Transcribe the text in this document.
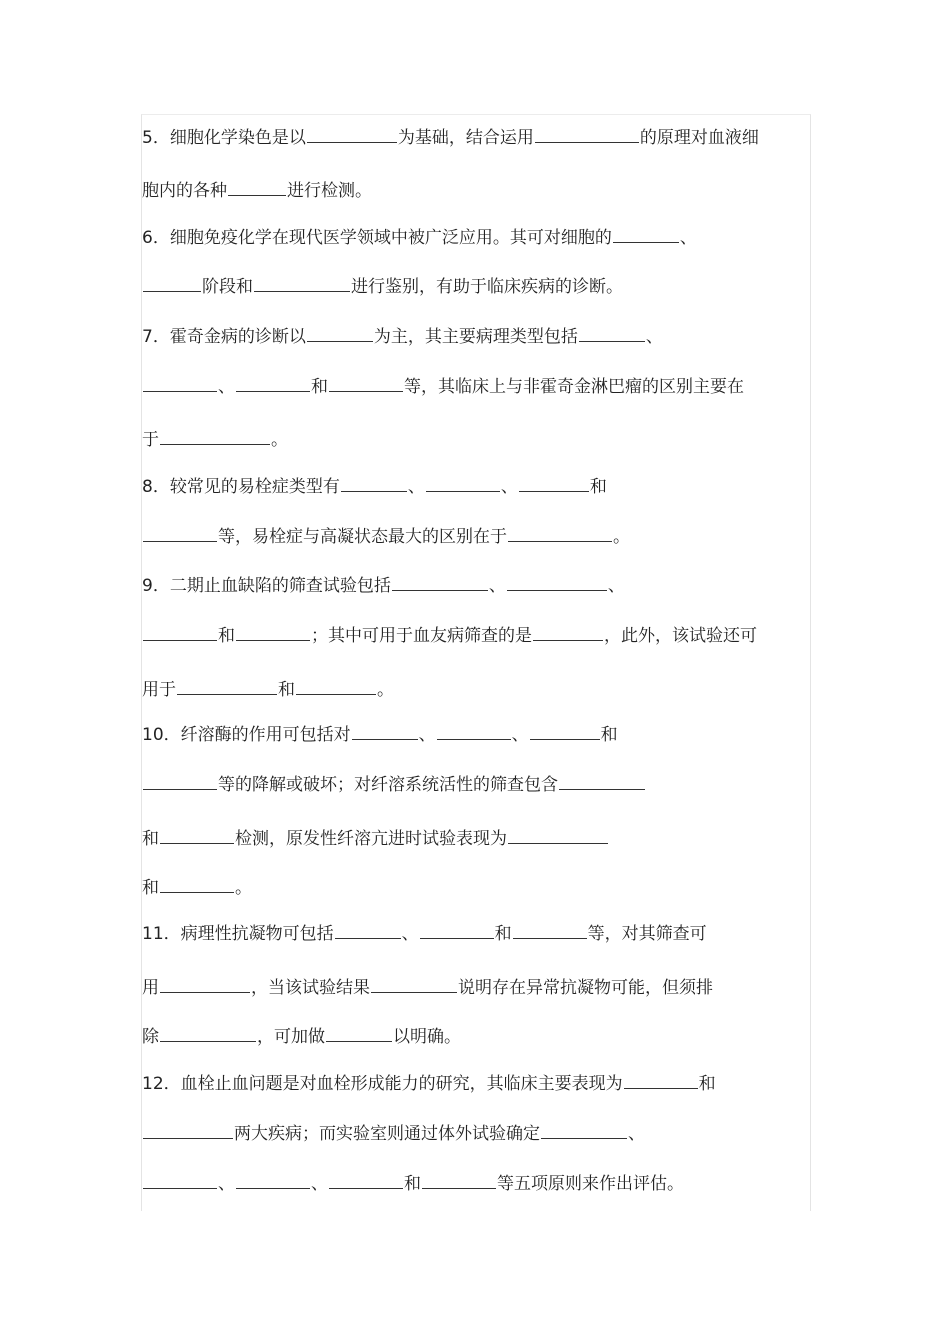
5．细胞化学染色是以	为基础，结合运用	的原理对血液细
胞内的各种	进行检测。
6．细胞免疫化学在现代医学领域中被广泛应用。其可对细胞的	、
阶段和	进行鉴别，有助于临床疾病的诊断。
7．霍奇金病的诊断以	为主，其主要病理类型包括	、
、	和	等，其临床上与非霍奇金淋巴瘤的区别主要在
于	。
8．较常见的易栓症类型有	、	、	和
等，易栓症与高凝状态最大的区别在于	。
9．二期止血缺陷的筛查试验包括	、	、
和	；其中可用于血友病筛查的是	，此外，该试验还可
用于	和	。
10．纤溶酶的作用可包括对	、	、	和
等的降解或破坏；对纤溶系统活性的筛查包含
和	检测，原发性纤溶亢进时试验表现为
和	。
11．病理性抗凝物可包括	、	和	等，对其筛查可
用	，当该试验结果	说明存在异常抗凝物可能，但须排
除	，可加做	以明确。
12．血栓止血问题是对血栓形成能力的研究，其临床主要表现为	和
两大疾病；而实验室则通过体外试验确定	、
、	、	和	等五项原则来作出评估。
